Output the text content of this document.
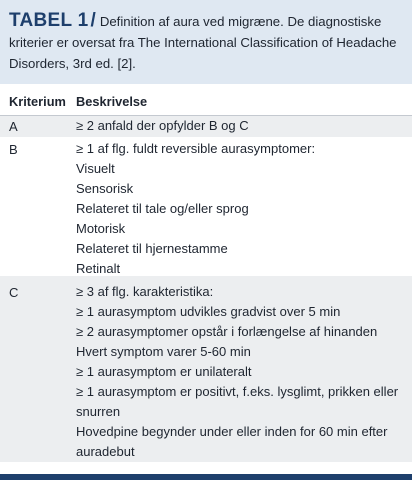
TABEL 1 / Definition af aura ved migræne. De diagnostiske kriterier er oversat fra The International Classification of Headache Disorders, 3rd ed. [2].
Kriterium Beskrivelse
A	≥ 2 anfald der opfylder B og C
B	≥ 1 af flg. fuldt reversible aurasymptomer:
Visuelt
Sensorisk
Relateret til tale og/eller sprog
Motorisk
Relateret til hjernestamme
Retinalt
C	≥ 3 af flg. karakteristika:
≥ 1 aurasymptom udvikles gradvist over 5 min
≥ 2 aurasymptomer opstår i forlængelse af hinanden
Hvert symptom varer 5-60 min
≥ 1 aurasymptom er unilateralt
≥ 1 aurasymptom er positivt, f.eks. lysglimt, prikken eller
snurren
Hovedpine begynder under eller inden for 60 min efter
auradebut
